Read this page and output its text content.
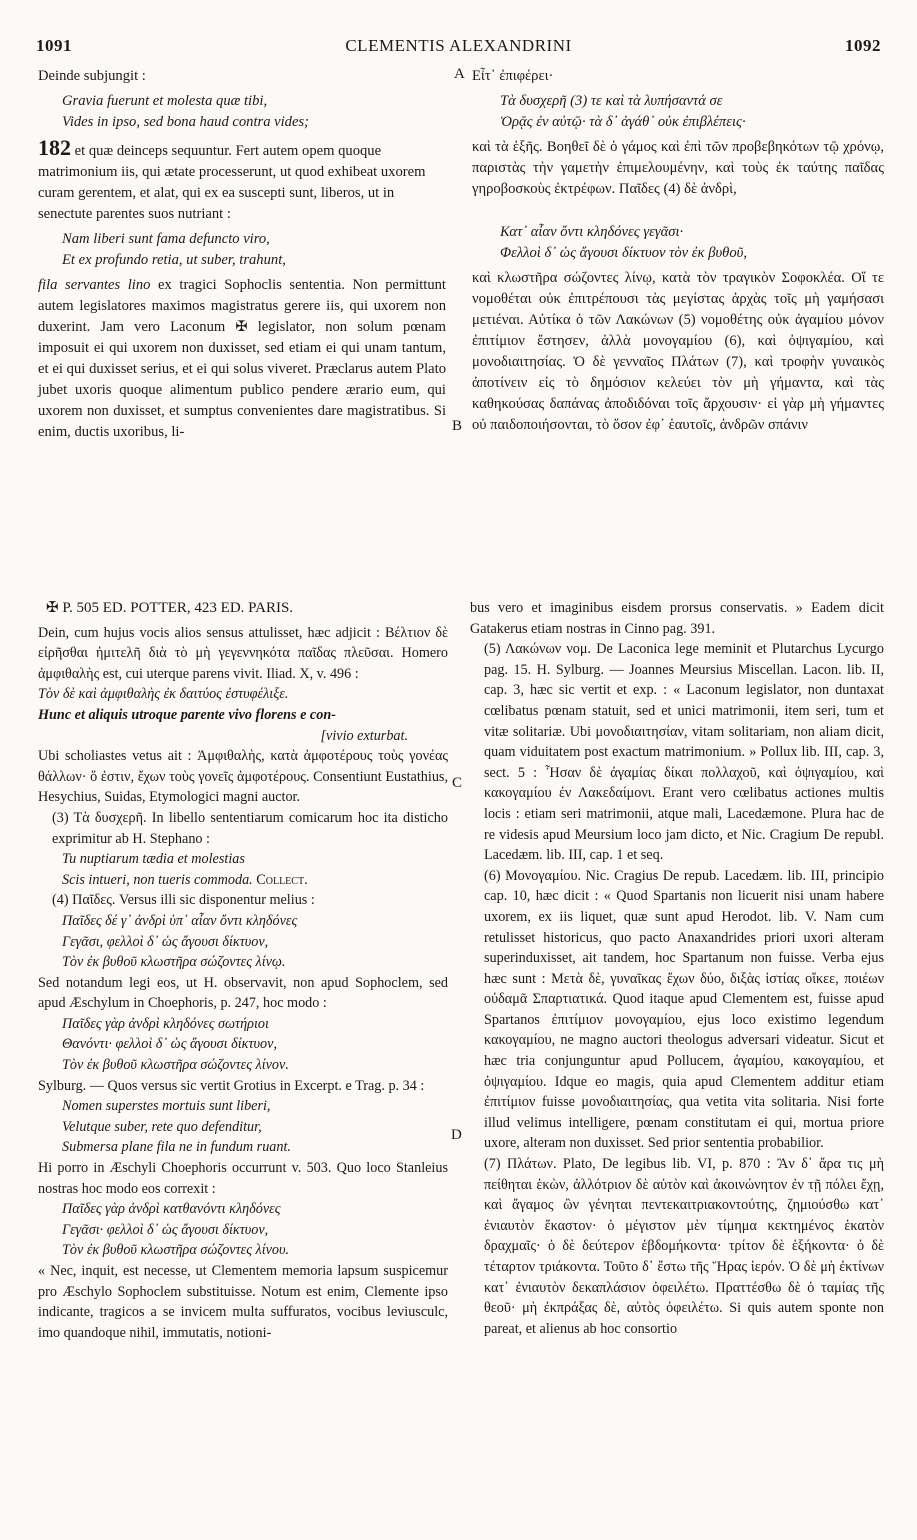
1091	CLEMENTIS ALEXANDRINI	1092
A
B
C
D

Deinde subjungit :

Gravia fuerunt et molesta quæ tibi,

Vides in ipso, sed bona haud contra vides;

182 et quæ deinceps sequuntur. Fert autem opem quoque matrimonium iis, qui ætate processerunt, ut quod exhibeat uxorem curam gerentem, et alat, qui ex ea suscepti sunt, liberos, ut in senectute parentes suos nutriant :

Nam liberi sunt fama defuncto viro,

Et ex profundo retia, ut suber, trahunt,

fila servantes lino ex tragici Sophoclis sententia. Non permittunt autem legislatores maximos magistratus gerere iis, qui uxorem non duxerint. Jam vero Laconum ✠ legislator, non solum pœnam imposuit ei qui uxorem non duxisset, sed etiam ei qui unam tantum, et ei qui duxisset serius, et ei qui solus viveret. Præclarus autem Plato jubet uxoris quoque alimentum publico pendere ærario eum, qui uxorem non duxisset, et sumptus convenientes dare magistratibus. Si enim, ductis uxoribus, li-

Εἶτ᾽ ἐπιφέρει·

Τὰ δυσχερῆ (3) τε καὶ τὰ λυπήσαντά σε

Ὁρᾷς ἐν αὐτῷ· τὰ δ᾽ ἀγάθ᾽ οὐκ ἐπιβλέπεις·

καὶ τὰ ἑξῆς. Βοηθεῖ δὲ ὁ γάμος καὶ ἐπὶ τῶν προβεβηκότων τῷ χρόνῳ, παριστὰς τὴν γαμετὴν ἐπιμελουμένην, καὶ τοὺς ἐκ ταύτης παῖδας γηροβοσκοὺς ἐκτρέφων. Παῖδες (4) δὲ ἀνδρὶ,

Κατ᾽ αἶαν ὄντι κληδόνες γεγᾶσι·

Φελλοὶ δ᾽ ὡς ἄγουσι δίκτυον τὸν ἐκ βυθοῦ,

καὶ κλωστῆρα σώζοντες λίνῳ, κατὰ τὸν τραγικὸν Σοφοκλέα. Οἵ τε νομοθέται οὐκ ἐπιτρέπουσι τὰς μεγίστας ἀρχὰς τοῖς μὴ γαμήσασι μετιέναι. Αὐτίκα ὁ τῶν Λακώνων (5) νομοθέτης οὐκ ἀγαμίου μόνον ἐπιτίμιον ἔστησεν, ἀλλὰ μονογαμίου (6), καὶ ὀψιγαμίου, καὶ μονοδιαιτησίας. Ὁ δὲ γενναῖος Πλάτων (7), καὶ τροφὴν γυναικὸς ἀποτίνειν εἰς τὸ δημόσιον κελεύει τὸν μὴ γήμαντα, καὶ τὰς καθηκούσας δαπάνας ἀποδιδόναι τοῖς ἄρχουσιν· εἰ γὰρ μὴ γήμαντες οὐ παιδοποιήσονται, τὸ ὅσον ἐφ᾽ ἑαυτοῖς, ἀνδρῶν σπάνιν

✠ P. 505 ED. POTTER, 423 ED. PARIS.

Dein, cum hujus vocis alios sensus attulisset, hæc adjicit : Βέλτιον δὲ εἰρῆσθαι ἡμιτελῆ διὰ τὸ μὴ γεγεννηκότα παῖδας πλεῦσαι. Homero ἀμφιθαλὴς est, cui uterque parens vivit. Iliad. X, v. 496 :

Τὸν δὲ καὶ ἀμφιθαλὴς ἐκ δαιτύος ἐστυφέλιξε.

Hunc et aliquis utroque parente vivo florens e con-

[vivio exturbat.

Ubi scholiastes vetus ait : Ἀμφιθαλὴς, κατὰ ἀμφοτέρους τοὺς γονέας θάλλων· ὅ ἐστιν, ἔχων τοὺς γονεῖς ἀμφοτέρους. Consentiunt Eustathius, Hesychius, Suidas, Etymologici magni auctor.

(3) Τὰ δυσχερῆ. In libello sententiarum comicarum hoc ita disticho exprimitur ab H. Stephano :

Tu nuptiarum tædia et molestias

Scis intueri, non tueris commoda. Collect.

(4) Παῖδες. Versus illi sic disponentur melius :

Παῖδες δέ γ᾽ ἀνδρὶ ὑπ᾽ αἶαν ὄντι κληδόνες

Γεγᾶσι, φελλοὶ δ᾽ ὡς ἄγουσι δίκτυον,

Τὸν ἐκ βυθοῦ κλωστῆρα σώζοντες λίνῳ.

Sed notandum legi eos, ut H. observavit, non apud Sophoclem, sed apud Æschylum in Choephoris, p. 247, hoc modo :

Παῖδες γὰρ ἀνδρὶ κληδόνες σωτήριοι

Θανόντι· φελλοὶ δ᾽ ὡς ἄγουσι δίκτυον,

Τὸν ἐκ βυθοῦ κλωστῆρα σώζοντες λίνον.

Sylburg. — Quos versus sic vertit Grotius in Excerpt. e Trag. p. 34 :

Nomen superstes mortuis sunt liberi,

Velutque suber, rete quo defenditur,

Submersa plane fila ne in fundum ruant.

Hi porro in Æschyli Choephoris occurrunt v. 503. Quo loco Stanleius nostras hoc modo eos correxit :

Παῖδες γὰρ ἀνδρὶ κατθανόντι κληδόνες

Γεγᾶσι· φελλοὶ δ᾽ ὡς ἄγουσι δίκτυον,

Τὸν ἐκ βυθοῦ κλωστῆρα σώζοντες λίνου.

« Nec, inquit, est necesse, ut Clementem memoria lapsum suspicemur pro Æschylo Sophoclem substituisse. Notum est enim, Clemente ipso indicante, tragicos a se invicem multa suffuratos, vocibus leviusculc, imo quandoque nihil, immutatis, notioni-

bus vero et imaginibus eisdem prorsus conservatis. » Eadem dicit Gatakerus etiam nostras in Cinno pag. 391.

(5) Λακώνων νομ. De Laconica lege meminit et Plutarchus Lycurgo pag. 15. H. Sylburg. — Joannes Meursius Miscellan. Lacon. lib. II, cap. 3, hæc sic vertit et exp. : « Laconum legislator, non duntaxat cœlibatus pœnam statuit, sed et unici matrimonii, item seri, tum et vitæ solitariæ. Ubi μονοδιαιτησίαν, vitam solitariam, non aliam dicit, quam viduitatem post exactum matrimonium. » Pollux lib. III, cap. 3, sect. 5 : Ἦσαν δὲ ἀγαμίας δίκαι πολλαχοῦ, καὶ ὀψιγαμίου, καὶ κακογαμίου ἐν Λακεδαίμονι. Erant vero cœlibatus actiones multis locis : etiam seri matrimonii, atque mali, Lacedæmone. Plura hac de re videsis apud Meursium loco jam dicto, et Nic. Cragium De republ. Lacedæm. lib. III, cap. 1 et seq.

(6) Μονογαμίου. Nic. Cragius De repub. Lacedæm. lib. III, principio cap. 10, hæc dicit : « Quod Spartanis non licuerit nisi unam habere uxorem, ex iis liquet, quæ sunt apud Herodot. lib. V. Nam cum retulisset historicus, quo pacto Anaxandrides priori uxori alteram superinduxisset, ait tandem, hoc Spartanum non fuisse. Verba ejus hæc sunt : Μετὰ δὲ, γυναῖκας ἔχων δύο, διξὰς ἱστίας οἴκεε, ποιέων οὐδαμᾶ Σπαρτιατικά. Quod itaque apud Clementem est, fuisse apud Spartanos ἐπιτίμιον μονογαμίου, ejus loco existimo legendum κακογαμίου, ne magno auctori theologus adversari videatur. Sicut et hæc tria conjunguntur apud Pollucem, ἀγαμίου, κακογαμίου, et ὀψιγαμίου. Idque eo magis, quia apud Clementem additur etiam ἐπιτίμιον fuisse μονοδιαιτησίας, qua vetita vita solitaria. Nisi forte illud velimus intelligere, pœnam constitutam ei qui, mortua priore uxore, alteram non duxisset. Sed prior sententia probabilior.

(7) Πλάτων. Plato, De legibus lib. VI, p. 870 : Ἂν δ᾽ ἄρα τις μὴ πείθηται ἑκὼν, ἀλλότριον δὲ αὑτὸν καὶ ἀκοινώνητον ἐν τῇ πόλει ἔχῃ, καὶ ἄγαμος ὢν γένηται πεντεκαιτριακοντούτης, ζημιούσθω κατ᾽ ἐνιαυτὸν ἕκαστον· ὁ μέγιστον μὲν τίμημα κεκτημένος ἑκατὸν δραχμαῖς· ὁ δὲ δεύτερον ἑβδομήκοντα· τρίτον δὲ ἑξήκοντα· ὁ δὲ τέταρτον τριάκοντα. Τοῦτο δ᾽ ἔστω τῆς Ἥρας ἱερόν. Ὁ δὲ μὴ ἐκτίνων κατ᾽ ἐνιαυτὸν δεκαπλάσιον ὀφειλέτω. Πραττέσθω δὲ ὁ ταμίας τῆς θεοῦ· μὴ ἐκπράξας δὲ, αὐτὸς ὀφειλέτω. Si quis autem sponte non pareat, et alienus ab hoc consortio
